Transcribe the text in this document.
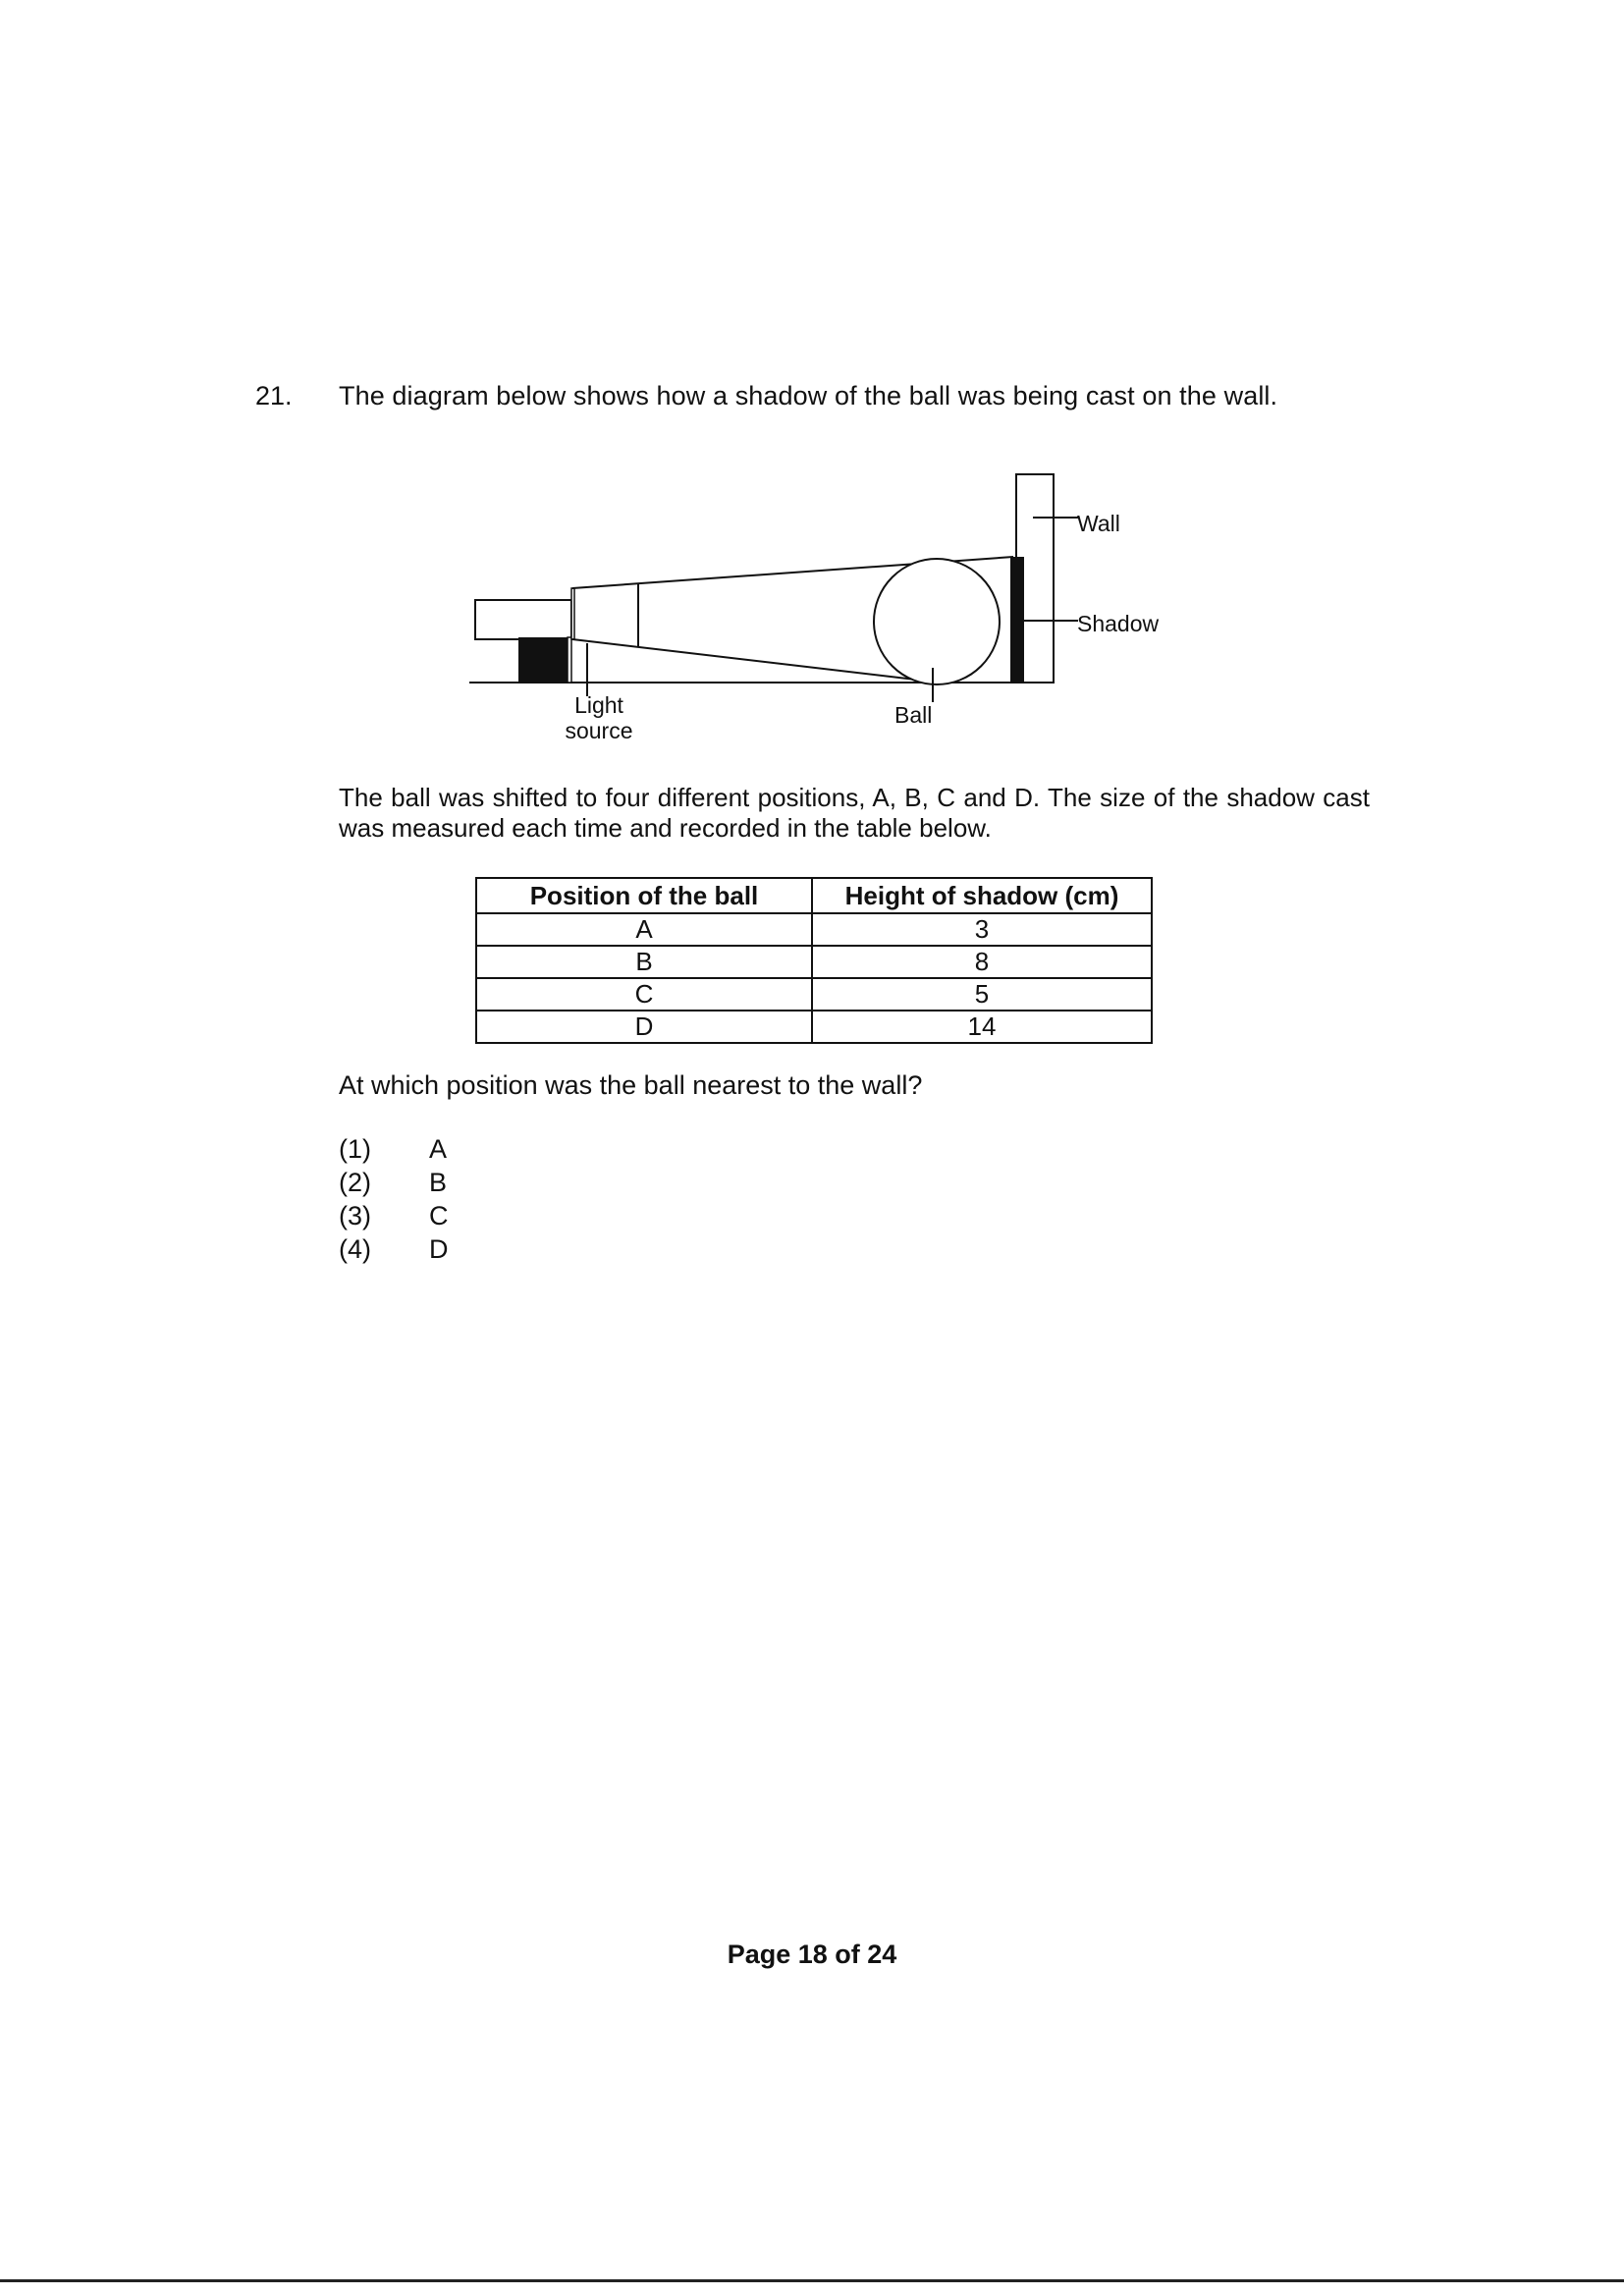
21. The diagram below shows how a shadow of the ball was being cast on the wall.
Wall
Shadow
Light
source
Ball
The ball was shifted to four different positions, A, B, C and D. The size of the shadow cast was measured each time and recorded in the table below.
Position of the ball	Height of shadow (cm)
A	3
B	8
C	5
D	14
At which position was the ball nearest to the wall?
(1)	A
(2)	B
(3)	C
(4)	D
Page 18 of 24
